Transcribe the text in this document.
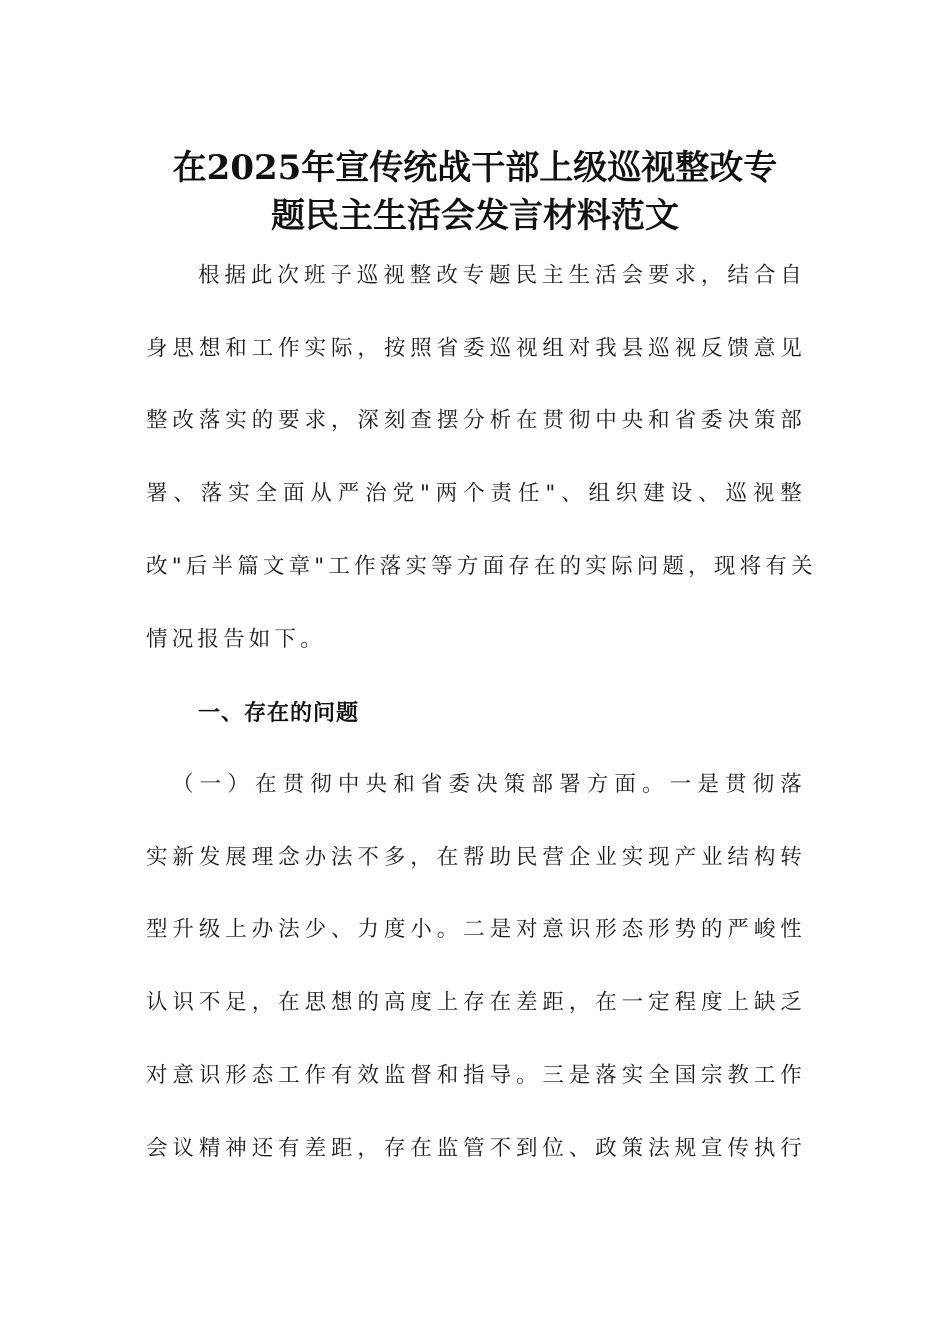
在2025年宣传统战干部上级巡视整改专
题民主生活会发言材料范文
根据此次班子巡视整改专题民主生活会要求，结合自
身思想和工作实际，按照省委巡视组对我县巡视反馈意见
整改落实的要求，深刻查摆分析在贯彻中央和省委决策部
署、落实全面从严治党"两个责任"、组织建设、巡视整
改"后半篇文章"工作落实等方面存在的实际问题，现将有关
情况报告如下。
一、存在的问题
（一）在贯彻中央和省委决策部署方面。一是贯彻落
实新发展理念办法不多，在帮助民营企业实现产业结构转
型升级上办法少、力度小。二是对意识形态形势的严峻性
认识不足，在思想的高度上存在差距，在一定程度上缺乏
对意识形态工作有效监督和指导。三是落实全国宗教工作
会议精神还有差距，存在监管不到位、政策法规宣传执行
